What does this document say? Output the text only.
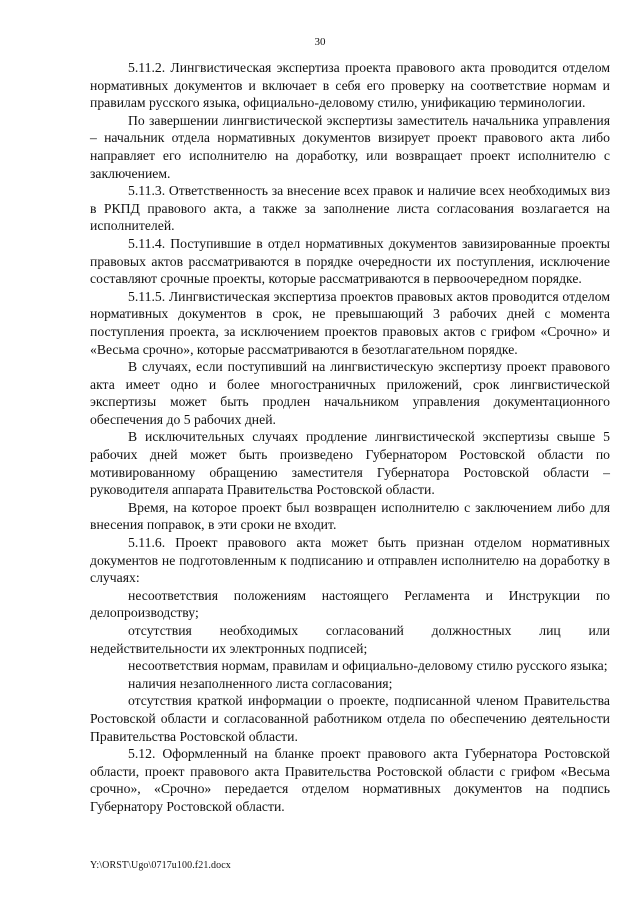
30

5.11.2. Лингвистическая экспертиза проекта правового акта проводится отделом нормативных документов и включает в себя его проверку на соответствие нормам и правилам русского языка, официально-деловому стилю, унификацию терминологии.

По завершении лингвистической экспертизы заместитель начальника управления – начальник отдела нормативных документов визирует проект правового акта либо направляет его исполнителю на доработку, или возвращает проект исполнителю с заключением.

5.11.3. Ответственность за внесение всех правок и наличие всех необходимых виз в РКПД правового акта, а также за заполнение листа согласования возлагается на исполнителей.

5.11.4. Поступившие в отдел нормативных документов завизированные проекты правовых актов рассматриваются в порядке очередности их поступления, исключение составляют срочные проекты, которые рассматриваются в первоочередном порядке.

5.11.5. Лингвистическая экспертиза проектов правовых актов проводится отделом нормативных документов в срок, не превышающий 3 рабочих дней с момента поступления проекта, за исключением проектов правовых актов с грифом «Срочно» и «Весьма срочно», которые рассматриваются в безотлагательном порядке.

В случаях, если поступивший на лингвистическую экспертизу проект правового акта имеет одно и более многостраничных приложений, срок лингвистической экспертизы может быть продлен начальником управления документационного обеспечения до 5 рабочих дней.

В исключительных случаях продление лингвистической экспертизы свыше 5 рабочих дней может быть произведено Губернатором Ростовской области по мотивированному обращению заместителя Губернатора Ростовской области – руководителя аппарата Правительства Ростовской области.

Время, на которое проект был возвращен исполнителю с заключением либо для внесения поправок, в эти сроки не входит.

5.11.6. Проект правового акта может быть признан отделом нормативных документов не подготовленным к подписанию и отправлен исполнителю на доработку в случаях:

несоответствия положениям настоящего Регламента и Инструкции по делопроизводству;

отсутствия необходимых согласований должностных лиц или недействительности их электронных подписей;

несоответствия нормам, правилам и официально-деловому стилю русского языка;

наличия незаполненного листа согласования;

отсутствия краткой информации о проекте, подписанной членом Правительства Ростовской области и согласованной работником отдела по обеспечению деятельности Правительства Ростовской области.

5.12. Оформленный на бланке проект правового акта Губернатора Ростовской области, проект правового акта Правительства Ростовской области с грифом «Весьма срочно», «Срочно» передается отделом нормативных документов на подпись Губернатору Ростовской области.

Y:\ORST\Ugo\0717u100.f21.docx
